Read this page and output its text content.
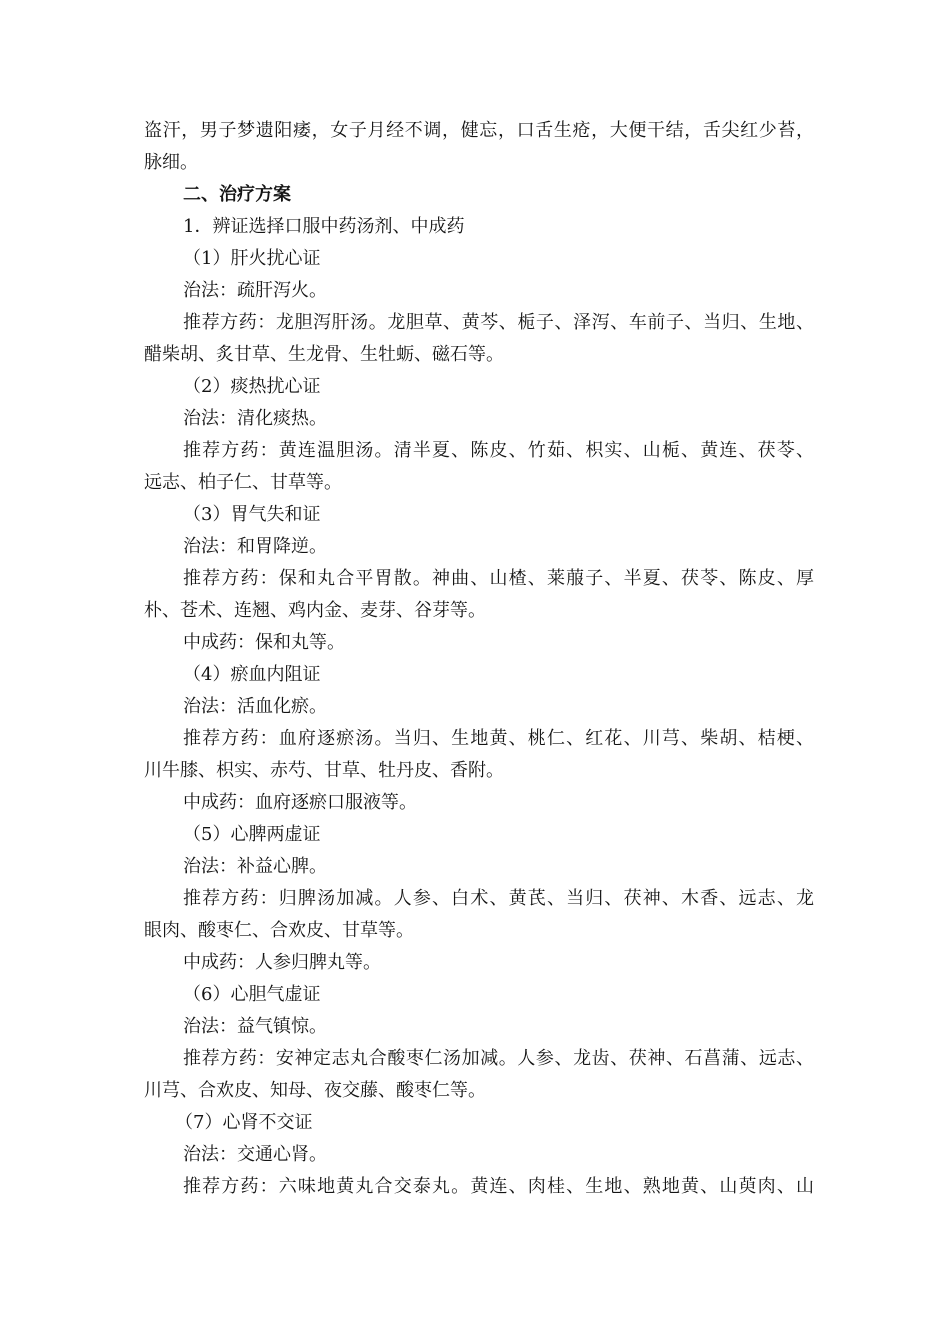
盗汗，男子梦遗阳痿，女子月经不调，健忘，口舌生疮，大便干结，舌尖红少苔，
脉细。
二、治疗方案
1．辨证选择口服中药汤剂、中成药
（1）肝火扰心证
治法：疏肝泻火。
推荐方药：龙胆泻肝汤。龙胆草、黄芩、栀子、泽泻、车前子、当归、生地、
醋柴胡、炙甘草、生龙骨、生牡蛎、磁石等。
（2）痰热扰心证
治法：清化痰热。
推荐方药：黄连温胆汤。清半夏、陈皮、竹茹、枳实、山栀、黄连、茯苓、
远志、柏子仁、甘草等。
（3）胃气失和证
治法：和胃降逆。
推荐方药：保和丸合平胃散。神曲、山楂、莱菔子、半夏、茯苓、陈皮、厚
朴、苍术、连翘、鸡内金、麦芽、谷芽等。
中成药：保和丸等。
（4）瘀血内阻证
治法：活血化瘀。
推荐方药：血府逐瘀汤。当归、生地黄、桃仁、红花、川芎、柴胡、桔梗、
川牛膝、枳实、赤芍、甘草、牡丹皮、香附。
中成药：血府逐瘀口服液等。
（5）心脾两虚证
治法：补益心脾。
推荐方药：归脾汤加减。人参、白术、黄芪、当归、茯神、木香、远志、龙
眼肉、酸枣仁、合欢皮、甘草等。
中成药：人参归脾丸等。
（6）心胆气虚证
治法：益气镇惊。
推荐方药：安神定志丸合酸枣仁汤加减。人参、龙齿、茯神、石菖蒲、远志、
川芎、合欢皮、知母、夜交藤、酸枣仁等。
（7）心肾不交证
治法：交通心肾。
推荐方药：六味地黄丸合交泰丸。黄连、肉桂、生地、熟地黄、山萸肉、山
